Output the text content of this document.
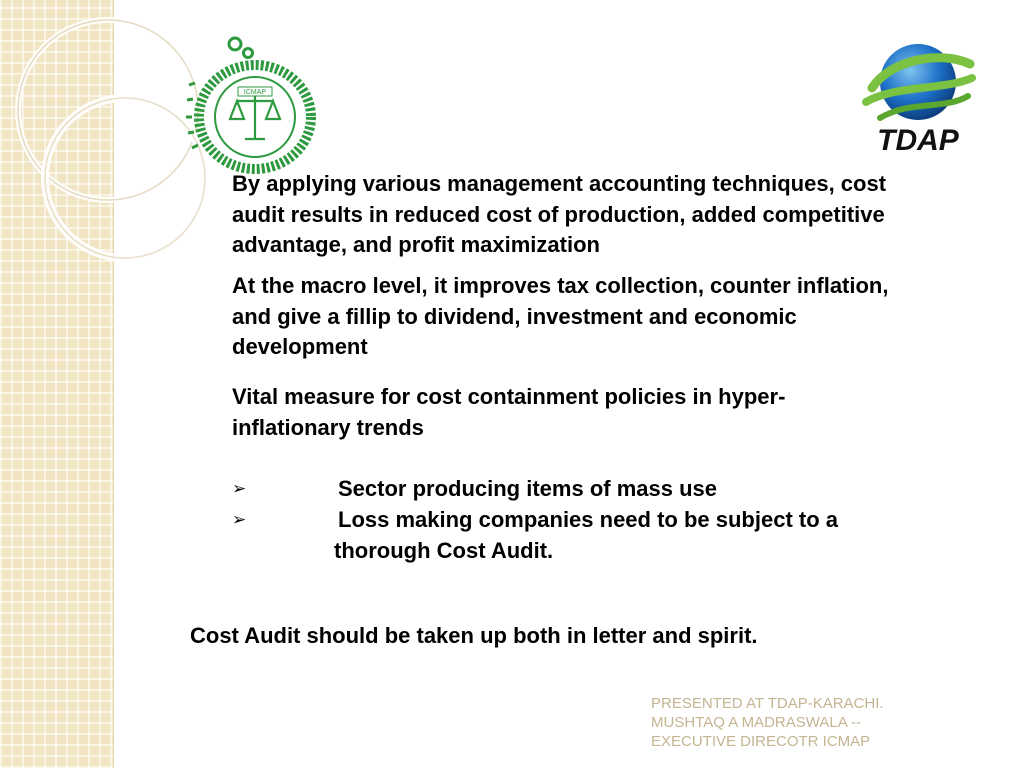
ICMAP
TDAP
By applying various management accounting techniques, cost audit results in reduced cost of production, added competitive advantage, and profit maximization
At the macro level, it improves tax collection, counter inflation, and give a fillip to dividend, investment and economic development
Vital measure for cost containment policies in hyper-inflationary trends
➢	Sector producing items of mass use
➢	Loss making companies need to be subject to a
thorough Cost Audit.
Cost Audit should be taken up both in letter and spirit.
PRESENTED AT TDAP-KARACHI.
MUSHTAQ A MADRASWALA --
EXECUTIVE DIRECOTR ICMAP
